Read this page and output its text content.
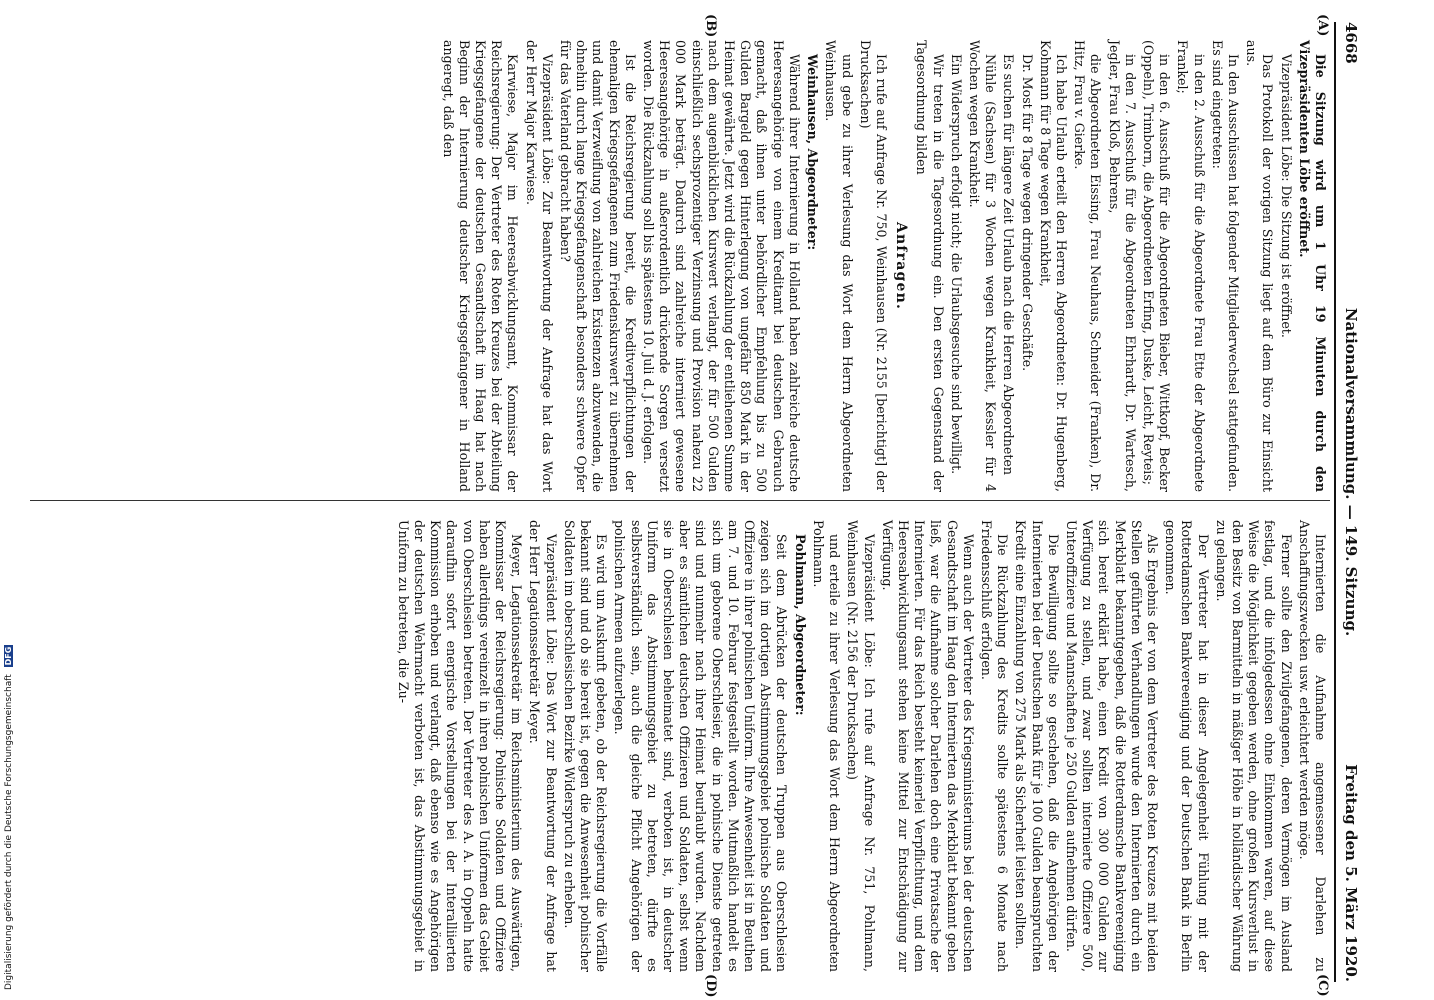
4668
Nationalversammlung. — 149. Sitzung.
Freitag den 5. März 1920.
(A)
(B)
(C)
(D)

Die Sitzung wird um 1 Uhr 19 Minuten durch den Vizepräsidenten Löbe eröffnet.

Vizepräsident Löbe: Die Sitzung ist eröffnet.

Das Protokoll der vorigen Sitzung liegt auf dem Büro zur Einsicht aus.

In den Ausschüssen hat folgender Mitgliederwechsel stattgefunden. Es sind eingetreten:

in den 2. Ausschuß für die Abgeordnete Frau Ette der Abgeordnete Frankel;

in den 6. Ausschuß für die Abgeordneten Bieber, Wittkopf, Becker (Oppeln), Trimborn, die Abgeordneten Erfing, Duske, Leicht, Reyteis;

in den 7. Ausschuß für die Abgeordneten Ehrhardt, Dr. Wartesch, Jegler, Frau Kloß, Behrens,

die Abgeordneten Eissing, Frau Neuhaus, Schneider (Franken), Dr. Hitz, Frau v. Gierke.

Ich habe Urlaub erteilt den Herren Abgeordneten: Dr. Hugenberg, Kohmann für 8 Tage wegen Krankheit,

Dr. Most für 8 Tage wegen dringender Geschäfte.

Es suchen für längere Zeit Urlaub nach die Herren Abgeordneten

Nühle (Sachsen) für 3 Wochen wegen Krankheit, Kessler für 4 Wochen wegen Krankheit.

Ein Widerspruch erfolgt nicht; die Urlaubsgesuche sind bewilligt.

Wir treten in die Tagesordnung ein. Den ersten Gegenstand der Tagesordnung bilden

Anfragen.

Ich rufe auf Anfrage Nr. 750, Weinhausen (Nr. 2155 [berichtigt] der Drucksachen)

und gebe zu ihrer Verlesung das Wort dem Herrn Abgeordneten Weinhausen.

Weinhausen, Abgeordneter:

Während ihrer Internierung in Holland haben zahlreiche deutsche Heeresangehörige von einem Kreditamt bei deutschen Gebrauch gemacht, daß ihnen unter behördlicher Empfehlung bis zu 500 Gulden Bargeld gegen Hinterlegung von ungefähr 850 Mark in der Heimat gewährte. Jetzt wird die Rückzahlung der entliehenen Summe nach dem augenblicklichen Kurswert verlangt, der für 500 Gulden einschließlich sechsprozentiger Verzinsung und Provision nahezu 22 000 Mark beträgt. Dadurch sind zahlreiche interniert gewesene Heeresangehörige in außerordentlich drückende Sorgen versetzt worden. Die Rückzahlung soll bis spätestens 10. Juli d. J. erfolgen.

Ist die Reichsregierung bereit, die Kreditverpflichtungen der ehemaligen Kriegsgefangenen zum Friedenskurswert zu übernehmen und damit Verzweiflung von zahlreichen Existenzen abzuwenden, die ohnehin durch lange Kriegsgefangenschaft besonders schwere Opfer für das Vaterland gebracht haben?

Vizepräsident Löbe: Zur Beantwortung der Anfrage hat das Wort der Herr Major Karwiese.

Karwiese, Major im Heeresabwicklungsamt, Kommissar der Reichsregierung: Der Vertreter des Roten Kreuzes bei der Abteilung Kriegsgefangene der deutschen Gesandtschaft im Haag hat nach Beginn der Internierung deutscher Kriegsgefangener in Holland angeregt, daß den

Internierten die Aufnahme angemessener Darlehen zu Anschaffungszwecken usw. erleichtert werden möge.

Ferner sollte den Zivilgefangenen, deren Vermögen im Ausland festlag, und die infolgedessen ohne Einkommen waren, auf diese Weise die Möglichkeit gegeben werden, ohne großen Kursverlust in den Besitz von Barmitteln in mäßiger Höhe in holländischer Währung zu gelangen.

Der Vertreter hat in dieser Angelegenheit Fühlung mit der Rotterdamschen Bankvereeniging und der Deutschen Bank in Berlin genommen.

Als Ergebnis der von dem Vertreter des Roten Kreuzes mit beiden Stellen geführten Verhandlungen wurde den Internierten durch ein Merkblatt bekanntgegeben, daß die Rotterdamsche Bankvereeniging sich bereit erklärt habe, einen Kredit von 300 000 Gulden zur Verfügung zu stellen, und zwar sollten internierte Offiziere 500, Unteroffiziere und Mannschaften je 250 Gulden aufnehmen dürfen.

Die Bewilligung sollte so geschehen, daß die Angehörigen der Internierten bei der Deutschen Bank für je 100 Gulden beanspruchten Kredit eine Einzahlung von 275 Mark als Sicherheit leisten sollten.

Die Rückzahlung des Kredits sollte spätestens 6 Monate nach Friedensschluß erfolgen.

Wenn auch der Vertreter des Kriegsministeriums bei der deutschen Gesandtschaft im Haag den Internierten das Merkblatt bekannt geben ließ, war die Aufnahme solcher Darlehen doch eine Privatsache der Internierten. Für das Reich besteht keinerlei Verpflichtung, und dem Heeresabwicklungsamt stehen keine Mittel zur Entschädigung zur Verfügung.

Vizepräsident Löbe: Ich rufe auf Anfrage Nr. 751, Pohlmann, Weinhausen (Nr. 2156 der Drucksachen)

und erteile zu ihrer Verlesung das Wort dem Herrn Abgeordneten Pohlmann.

Pohlmann, Abgeordneter:

Seit dem Abrücken der deutschen Truppen aus Oberschlesien zeigen sich im dortigen Abstimmungsgebiet polnische Soldaten und Offiziere in ihrer polnischen Uniform. Ihre Anwesenheit ist in Beuthen am 7. und 10. Februar festgestellt worden. Mutmaßlich handelt es sich um geborene Oberschlesier, die in polnische Dienste getreten sind und nunmehr nach ihrer Heimat beurlaubt wurden. Nachdem aber es sämtlichen deutschen Offizieren und Soldaten, selbst wenn sie in Oberschlesien beheimatet sind, verboten ist, in deutscher Uniform das Abstimmungsgebiet zu betreten, dürfte es selbstverständlich sein, auch die gleiche Pflicht Angehörigen der polnischen Armeen aufzuerlegen.

Es wird um Auskunft gebeten, ob der Reichsregierung die Vorfälle bekannt sind und ob sie bereit ist, gegen die Anwesenheit polnischer Soldaten im oberschlesischen Bezirke Widerspruch zu erheben.

Vizepräsident Löbe: Das Wort zur Beantwortung der Anfrage hat der Herr Legationssekretär Meyer.

Meyer, Legationssekretär im Reichsministerium des Auswärtigen, Kommissar der Reichsregierung: Polnische Soldaten und Offiziere haben allerdings vereinzelt in ihren polnischen Uniformen das Gebiet von Oberschlesien betreten. Der Vertreter des A. A. in Oppeln hatte daraufhin sofort energische Vorstellungen bei der Interalliierten Kommission erhoben und verlangt, daß ebenso wie es Angehörigen der deutschen Wehrmacht verboten ist, das Abstimmungsgebiet in Uniform zu betreten, die Zu-

Digitalisierung gefördert durch die Deutsche Forschungsgemeinschaft DFG
